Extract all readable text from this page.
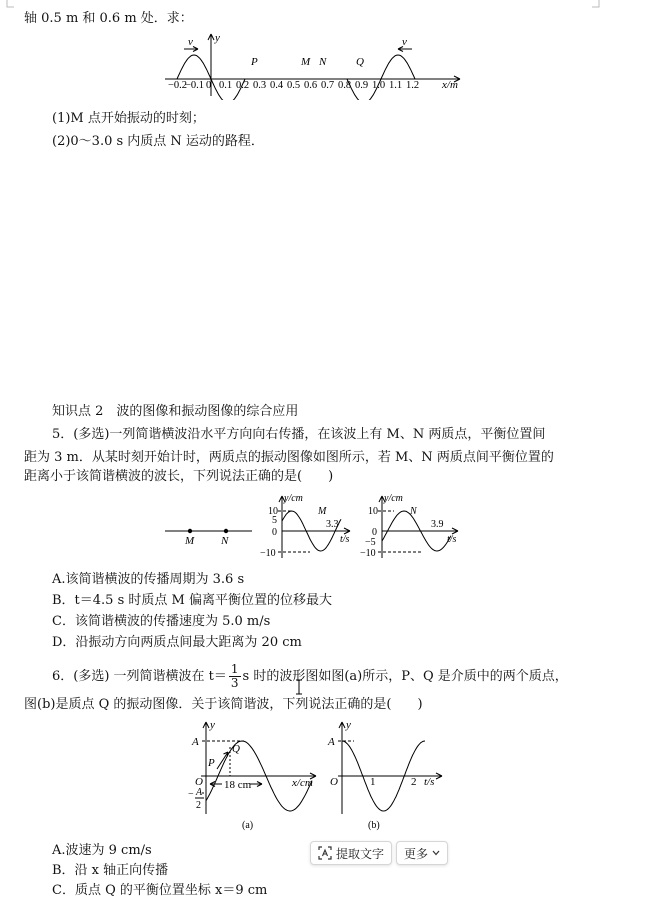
轴 0.5 m 和 0.6 m 处．求：
v	v
y
P	M N	Q
−0.2
−0.1 0 0.1 0.2 0.3 0.4 0.5 0.6 0.7 0.8 0.9 1.0 1.1 1.2 x/m
(1)M 点开始振动的时刻；
(2)0～3.0 s 内质点 N 运动的路程．
知识点 2　波的图像和振动图像的综合应用
5．(多选)一列简谐横波沿水平方向向右传播，在该波上有 M、N 两质点，平衡位置间
距为 3 m．从某时刻开始计时，两质点的振动图像如图所示，若 M、N 两质点间平衡位置的
距离小于该简谐横波的波长，下列说法正确的是(　　)
M N
y/cm
10
5
0
−10
M
3.3
t/s
y/cm
10
0
−5
−10
N
3.9
t/s
A.该简谐横波的传播周期为 3.6 s
B．t＝4.5 s 时质点 M 偏离平衡位置的位移最大
C．该简谐横波的传播速度为 5.0 m/s
D．沿振动方向两质点间最大距离为 20 cm
6．(多选) 一列简谐横波在 $t= \frac{1}{3}$ s 时的波形图如图(a)所示，P、Q 是介质中的两个质点，
图(b)是质点 Q 的振动图像．关于该简谐波，下列说法正确的是(　　)
A
y
P
Q
O 18 cm	x/cm
− A
2
(a)
A
y
O	1	2 t/s
(b)
A.波速为 9 cm/s
B．沿 x 轴正向传播
C．质点 Q 的平衡位置坐标 x＝9 cm
提取文字 更多
